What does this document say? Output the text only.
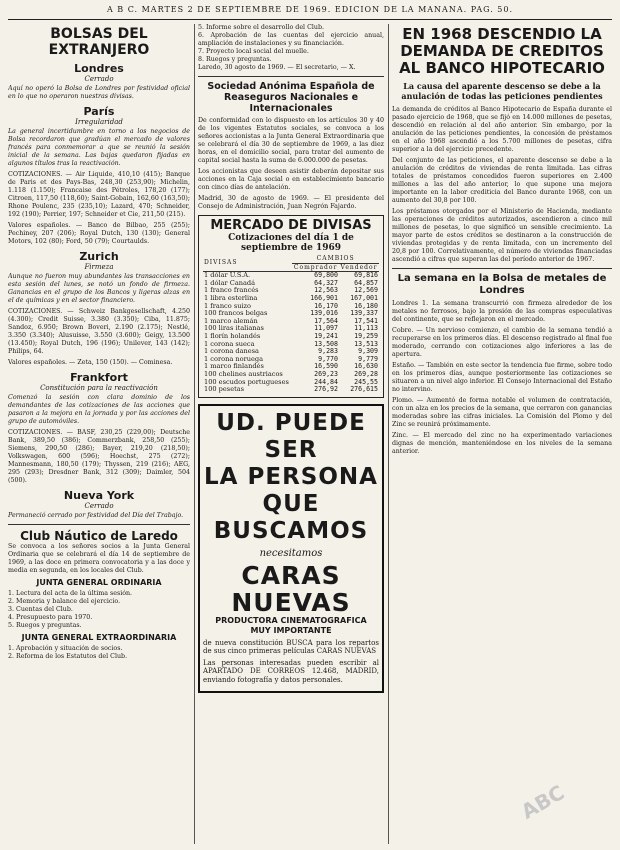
A B C. MARTES 2 DE SEPTIEMBRE DE 1969. EDICION DE LA MAÑANA. PAG. 50.
BOLSAS DEL EXTRANJERO
Londres
Cerrado

Aquí no operó la Bolsa de Londres por festividad oficial en lo que no operaron nuestras divisas.

París
Irregularidad

La general incertidumbre en torno a los negocios de Bolsa recordaron que gradúan el mercado de valores francés para conmemorar a que se reunió la sesión inicial de la semana. Las bajas quedaron fijadas en algunos títulos tras la reactivación.

COTIZACIONES. — Air Liquide, 410,10 (415); Banque de Paris et des Pays-Bas, 248,30 (253,90); Michelin, 1.118 (1.150); Francaise des Pétroles, 178,20 (177); Citroen, 117,50 (118,60); Saint-Gobain, 162,60 (163,50); Rhone Poulenc, 235 (235,10); Lazard, 470; Schneider, 192 (190); Perrier, 197; Schneider et Cie, 211,50 (215).

Valores españoles. — Banco de Bilbao, 255 (255); Pechiney, 207 (206); Royal Dutch, 130 (130); General Motors, 102 (80); Ford, 50 (79); Courtaulds.

Zurich
Firmeza

Aunque no fueron muy abundantes las transacciones en esta sesión del lunes, se notó un fondo de firmeza. Ganancias en el grupo de los Bancos y ligeras alzas en el de químicas y en el sector financiero.

COTIZACIONES. — Schweiz Bankgesellschaft, 4.250 (4.300); Credit Suisse, 3.380 (3.350); Ciba, 11.875; Sandoz, 6.950; Brown Boveri, 2.190 (2.175); Nestlé, 3.350 (3.340); Alusuisse, 3.550 (3.600); Geigy, 13.500 (13.450); Royal Dutch, 196 (196); Unilever, 143 (142); Philips, 64.

Valores españoles. — Zeta, 150 (150). — Cominesa.

Frankfort
Constitución para la reactivación

Comenzó la sesión con clara dominio de los demandantes de las cotizaciones de las acciones que pasaron a la mejora en la jornada y por las acciones del grupo de automóviles.

COTIZACIONES. — BASF, 230,25 (229,00); Deutsche Bank, 389,50 (386); Commerzbank, 258,50 (255); Siemens, 290,50 (286); Bayer, 219,20 (218,50); Volkswagen, 600 (596); Hoechst, 275 (272); Mannesmann, 180,50 (179); Thyssen, 219 (216); AEG, 295 (293); Dresdner Bank, 312 (309); Daimler, 504 (500).

Nueva York
Cerrado

Permaneció cerrado por festividad del Día del Trabajo.

Club Náutico de Laredo

Se convoca a los señores socios a la Junta General Ordinaria que se celebrará el día 14 de septiembre de 1969, a las doce en primera convocatoria y a las doce y media en segunda, en los locales del Club.

JUNTA GENERAL ORDINARIA

1. Lectura del acta de la última sesión.

2. Memoria y balance del ejercicio.

3. Cuentas del Club.

4. Presupuesto para 1970.

5. Ruegos y preguntas.

JUNTA GENERAL EXTRAORDINARIA

1. Aprobación y situación de socios.

2. Reforma de los Estatutos del Club.

5. Informe sobre el desarrollo del Club.

6. Aprobación de las cuentas del ejercicio anual, ampliación de instalaciones y su financiación.

7. Proyecto local social del muelle.

8. Ruegos y preguntas.

Laredo, 30 agosto de 1969. — El secretario, — X.

Sociedad Anónima Española de Reaseguros Nacionales e Internacionales

De conformidad con lo dispuesto en los artículos 30 y 40 de los vigentes Estatutos sociales, se convoca a los señores accionistas a la Junta General Extraordinaria que se celebrará el día 30 de septiembre de 1969, a las diez horas, en el domicilio social, para tratar del aumento de capital social hasta la suma de 6.000.000 de pesetas.

Los accionistas que deseen asistir deberán depositar sus acciones en la Caja social o en establecimiento bancario con cinco días de antelación.

Madrid, 30 de agosto de 1969. — El presidente del Consejo de Administración, Juan Negrón Fajardo.

MERCADO DE DIVISAS
Cotizaciones del día 1 de septiembre de 1969
DIVISAS	CAMBIOS	
	Comprador	Vendedor
1 dólar U.S.A.	69,800	69,816
1 dólar Canadá	64,327	64,857
1 franco francés	12,563	12,569
1 libra esterlina	166,901	167,001
1 franco suizo	16,170	16,180
100 francos belgas	139,016	139,337
1 marco alemán	17,564	17,541
100 liras italianas	11,097	11,113
1 florín holandés	19,241	19,259
1 corona sueca	13,508	13,513
1 corona danesa	9,283	9,309
1 corona noruega	9,770	9,779
1 marco finlandés	16,590	16,630
100 chelines austriacos	269,23	269,28
100 escudos portugueses	244,84	245,55
100 pesetas	276,92	276,615
UD. PUEDE SER
LA PERSONA
QUE BUSCAMOS
necesitamos
CARAS NUEVAS
PRODUCTORA CINEMATOGRAFICA
MUY IMPORTANTE

de nueva constitución BUSCA para los repartos de sus cinco primeras películas CARAS NUEVAS

Las personas interesadas pueden escribir al APARTADO DE CORREOS 12.468, MADRID, enviando fotografía y datos personales.

EN 1968 DESCENDIO LA DEMANDA DE CREDITOS AL BANCO HIPOTECARIO
La causa del aparente descenso se debe a la anulación de todas las peticiones pendientes

La demanda de créditos al Banco Hipotecario de España durante el pasado ejercicio de 1968, que se fijó en 14.000 millones de pesetas, descendió en relación al del año anterior. Sin embargo, por la anulación de las peticiones pendientes, la concesión de préstamos en el año 1968 ascendió a los 5.700 millones de pesetas, cifra superior a la del ejercicio precedente.

Del conjunto de las peticiones, el aparente descenso se debe a la anulación de créditos de viviendas de renta limitada. Las cifras totales de préstamos concedidos fueron superiores en 2.400 millones a las del año anterior, lo que supone una mejora importante en la labor crediticia del Banco durante 1968, con un aumento del 30,8 por 100.

Los préstamos otorgados por el Ministerio de Hacienda, mediante las operaciones de créditos autorizados, ascendieron a cinco mil millones de pesetas, lo que significó un sensible crecimiento. La mayor parte de estos créditos se destinaron a la construcción de viviendas protegidas y de renta limitada, con un incremento del 20,8 por 100. Correlativamente, el número de viviendas financiadas ascendió a cifras que superan las del período anterior de 1967.

La semana en la Bolsa de metales de Londres

Londres 1. La semana transcurrió con firmeza alrededor de los metales no ferrosos, bajo la presión de las compras especulativas del continente, que se reflejaron en el mercado.

Cobre. — Un nervioso comienzo, el cambio de la semana tendió a recuperarse en los primeros días. El descenso registrado al final fue moderado, cerrando con cotizaciones algo inferiores a las de apertura.

Estaño. — También en este sector la tendencia fue firme, sobre todo en los primeros días, aunque posteriormente las cotizaciones se situaron a un nivel algo inferior. El Consejo Internacional del Estaño no intervino.

Plomo. — Aumentó de forma notable el volumen de contratación, con un alza en los precios de la semana, que cerraron con ganancias moderadas sobre las cifras iniciales. La Comisión del Plomo y del Zinc se reunirá próximamente.

Zinc. — El mercado del zinc no ha experimentado variaciones dignas de mención, manteniéndose en los niveles de la semana anterior.

ABC
